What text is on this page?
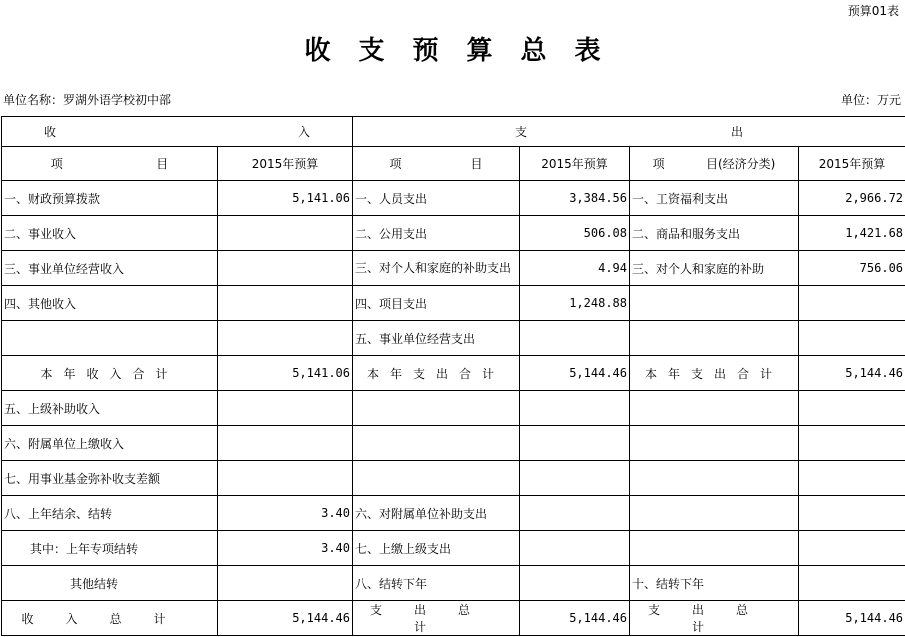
预算01表
收支预算总表
单位名称：罗湖外语学校初中部	单位：万元
收 入		支 出			

项 目	2015年预算	项 目	2015年预算	项 目(经济分类)	2015年预算
一、财政预算拨款	5,141.06	一、人员支出	3,384.56	一、工资福利支出	2,966.72
二、事业收入		二、公用支出	506.08	二、商品和服务支出	1,421.68
三、事业单位经营收入		三、对个人和家庭的补助支出	4.94	三、对个人和家庭的补助	756.06
四、其他收入		四、项目支出	1,248.88		
		五、事业单位经营支出			
本年收入合计	5,141.06	本年支出合计	5,144.46	本年支出合计	5,144.46
五、上级补助收入					
六、附属单位上缴收入					
七、用事业基金弥补收支差额					
八、上年结余、结转	3.40	六、对附属单位补助支出			
其中：上年专项结转	3.40	七、上缴上级支出			
其他结转		八、结转下年		十、结转下年	
收入总计	5,144.46	支出总计	5,144.46	支出总计	5,144.46
